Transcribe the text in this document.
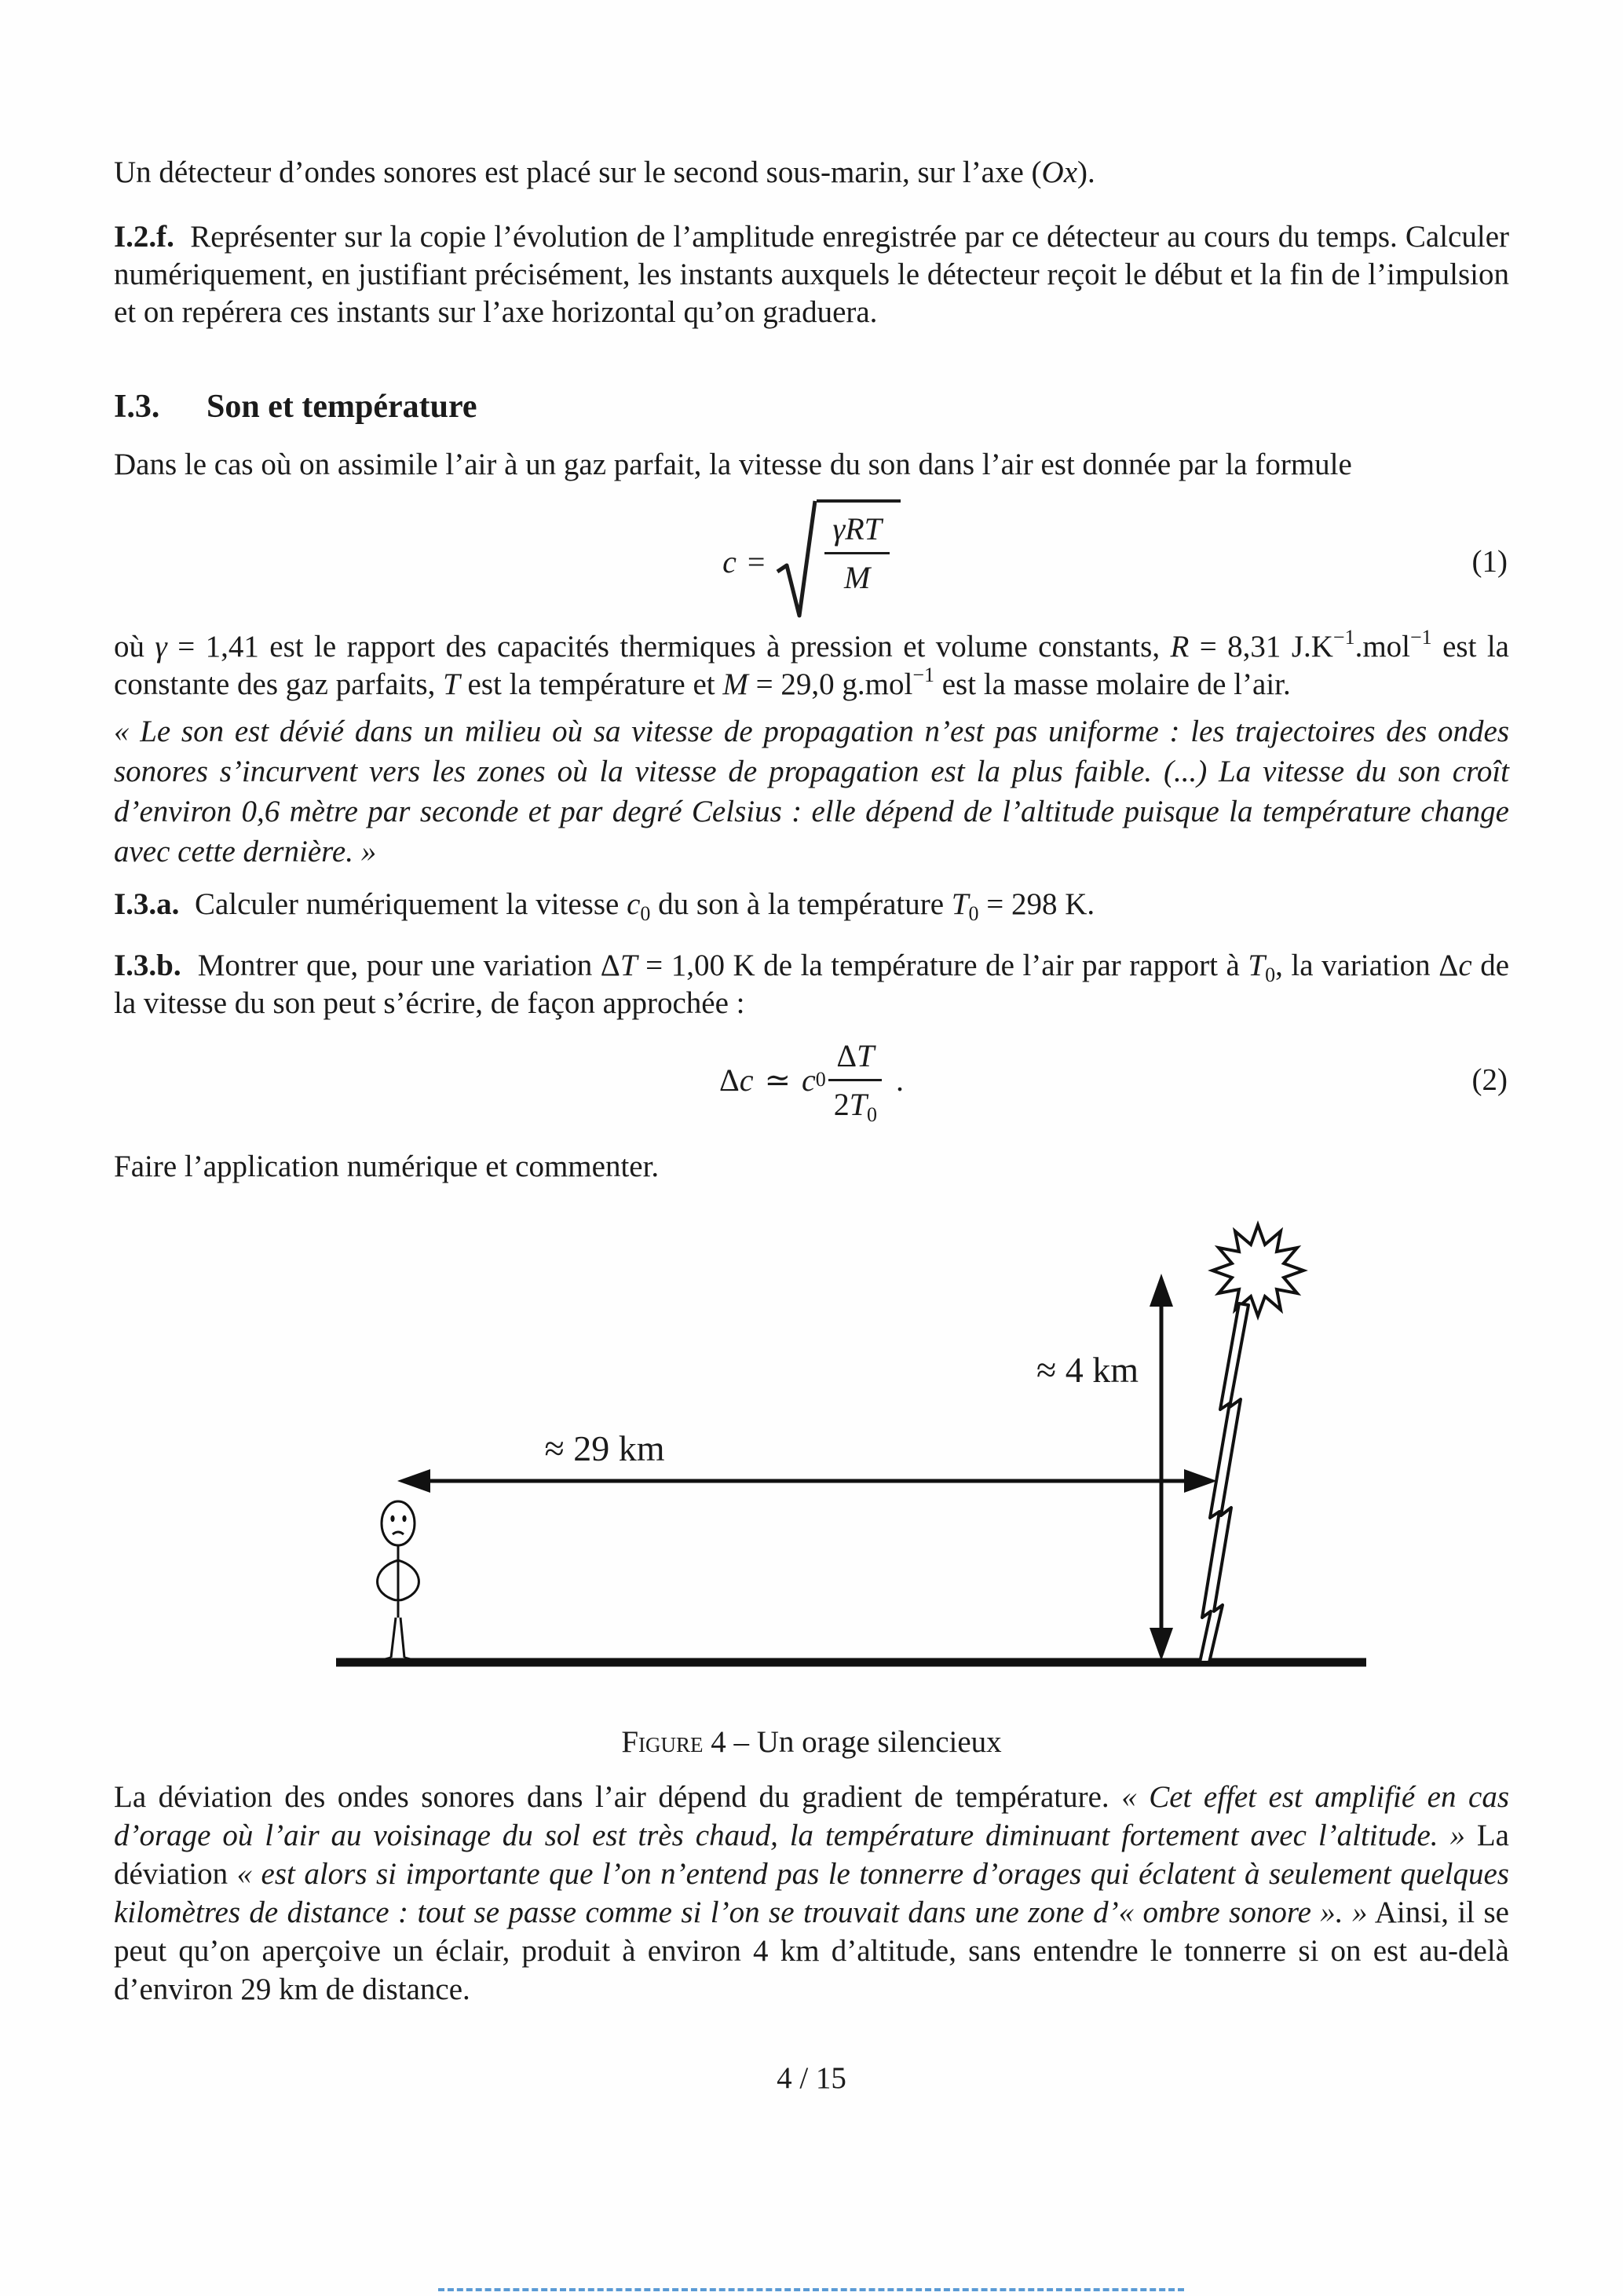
Un détecteur d’ondes sonores est placé sur le second sous-marin, sur l’axe (Ox).
I.2.f. Représenter sur la copie l’évolution de l’amplitude enregistrée par ce détecteur au cours du temps. Calculer numériquement, en justifiant précisément, les instants auxquels le détecteur reçoit le début et la fin de l’impulsion et on repérera ces instants sur l’axe horizontal qu’on graduera.
I.3. Son et température
Dans le cas où on assimile l’air à un gaz parfait, la vitesse du son dans l’air est donnée par la formule
$c = \frac{\text{γRT}}{M}$	(1)
où γ = 1,41 est le rapport des capacités thermiques à pression et volume constants, R = 8,31 $J.K^{-1}.mol^{-1}$ est la constante des gaz parfaits, T est la température et M = 29,0 g.mol$^{-1}$ est la masse molaire de l’air.
« Le son est dévié dans un milieu où sa vitesse de propagation n’est pas uniforme : les trajectoires des ondes sonores s’incurvent vers les zones où la vitesse de propagation est la plus faible. (...) La vitesse du son croît d’environ 0,6 mètre par seconde et par degré Celsius : elle dépend de l’altitude puisque la température change avec cette dernière. »
I.3.a. Calculer numériquement la vitesse $c_0$ du son à la température $T_0 = 298$ K.
I.3.b. Montrer que, pour une variation ΔT = 1,00 K de la température de l’air par rapport à $T_0$, la variation Δc de la vitesse du son peut s’écrire, de façon approchée :
Δ c ≃ c $0 \frac{\Delta T}{2T_0}$ .	(2)
Faire l’application numérique et commenter.
≈ 29 km
≈ 4 km
Figure 4 – Un orage silencieux
La déviation des ondes sonores dans l’air dépend du gradient de température. « Cet effet est amplifié en cas d’orage où l’air au voisinage du sol est très chaud, la température diminuant fortement avec l’altitude. » La déviation « est alors si importante que l’on n’entend pas le tonnerre d’orages qui éclatent à seulement quelques kilomètres de distance : tout se passe comme si l’on se trouvait dans une zone d’« ombre sonore ». » Ainsi, il se peut qu’on aperçoive un éclair, produit à environ 4 km d’altitude, sans entendre le tonnerre si on est au-delà d’environ 29 km de distance.
4 / 15
